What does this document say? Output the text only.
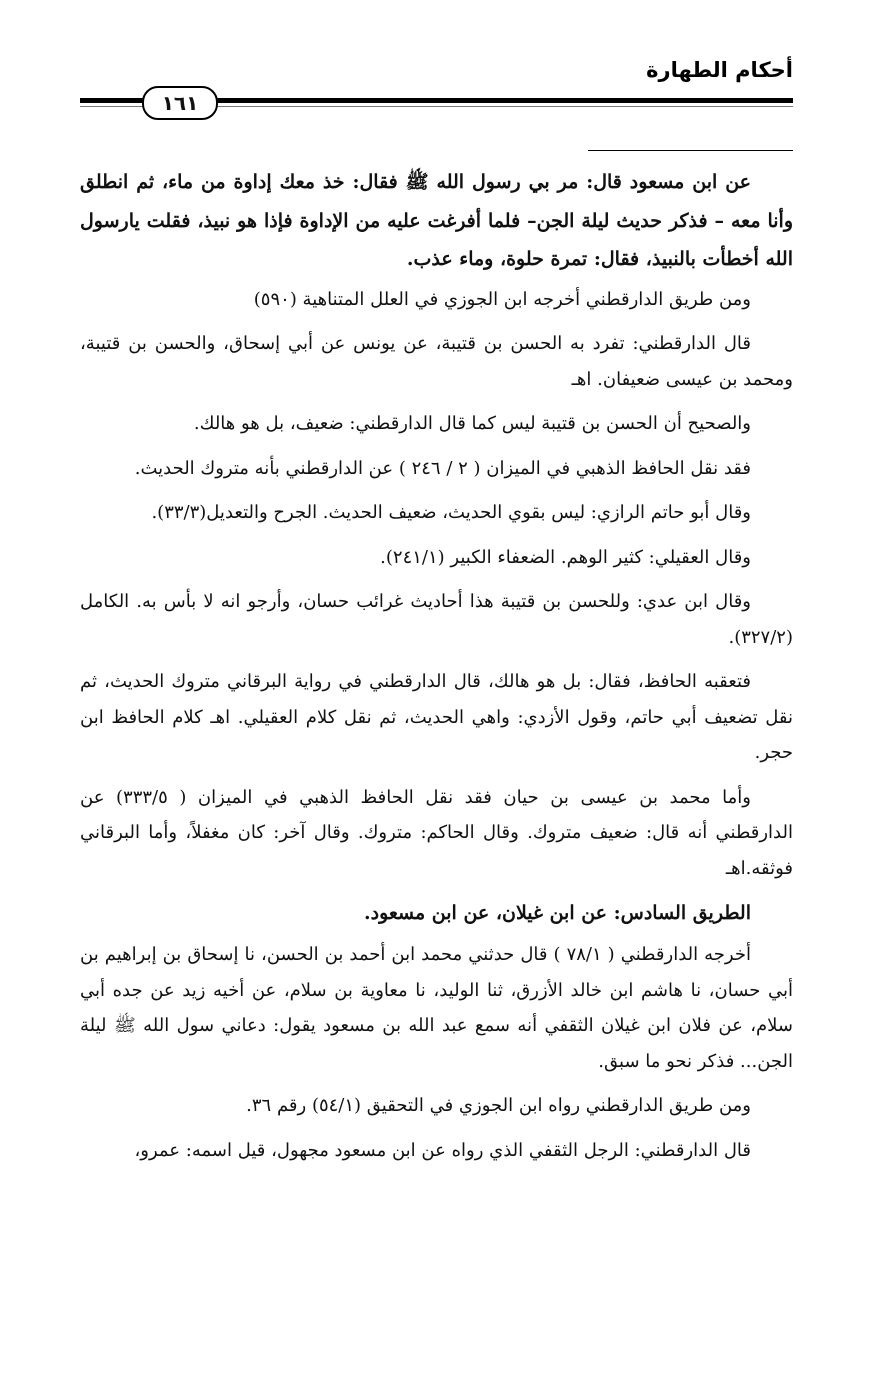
أحكام الطهارة
١٦١

عن ابن مسعود قال: مر بي رسول الله ﷺ فقال: خذ معك إداوة من ماء، ثم انطلق وأنا معه – فذكر حديث ليلة الجن– فلما أفرغت عليه من الإداوة فإذا هو نبيذ، فقلت يارسول الله أخطأت بالنبيذ، فقال: تمرة حلوة، وماء عذب.

ومن طريق الدارقطني أخرجه ابن الجوزي في العلل المتناهية (٥٩٠)

قال الدارقطني: تفرد به الحسن بن قتيبة، عن يونس عن أبي إسحاق، والحسن بن قتيبة، ومحمد بن عيسى ضعيفان. اهـ

والصحيح أن الحسن بن قتيبة ليس كما قال الدارقطني: ضعيف، بل هو هالك.

فقد نقل الحافظ الذهبي في الميزان ( ٢ / ٢٤٦ ) عن الدارقطني بأنه متروك الحديث.

وقال أبو حاتم الرازي: ليس بقوي الحديث، ضعيف الحديث. الجرح والتعديل(٣٣/٣).

وقال العقيلي: كثير الوهم. الضعفاء الكبير (٢٤١/١).

وقال ابن عدي: وللحسن بن قتيبة هذا أحاديث غرائب حسان، وأرجو انه لا بأس به. الكامل (٣٢٧/٢).

فتعقبه الحافظ، فقال: بل هو هالك، قال الدارقطني في رواية البرقاني متروك الحديث، ثم نقل تضعيف أبي حاتم، وقول الأزدي: واهي الحديث، ثم نقل كلام العقيلي. اهـ كلام الحافظ ابن حجر.

وأما محمد بن عيسى بن حيان فقد نقل الحافظ الذهبي في الميزان ( ٣٣٣/٥) عن الدارقطني أنه قال: ضعيف متروك. وقال الحاكم: متروك. وقال آخر: كان مغفلاً، وأما البرقاني فوثقه.اهـ

الطريق السادس: عن ابن غيلان، عن ابن مسعود.

أخرجه الدارقطني ( ٧٨/١ ) قال حدثني محمد ابن أحمد بن الحسن، نا إسحاق بن إبراهيم بن أبي حسان، نا هاشم ابن خالد الأزرق، ثنا الوليد، نا معاوية بن سلام، عن أخيه زيد عن جده أبي سلام، عن فلان ابن غيلان الثقفي أنه سمع عبد الله بن مسعود يقول: دعاني سول الله ﷺ ليلة الجن... فذكر نحو ما سبق.

ومن طريق الدارقطني رواه ابن الجوزي في التحقيق (٥٤/١) رقم ٣٦.

قال الدارقطني: الرجل الثقفي الذي رواه عن ابن مسعود مجهول، قيل اسمه: عمرو،
